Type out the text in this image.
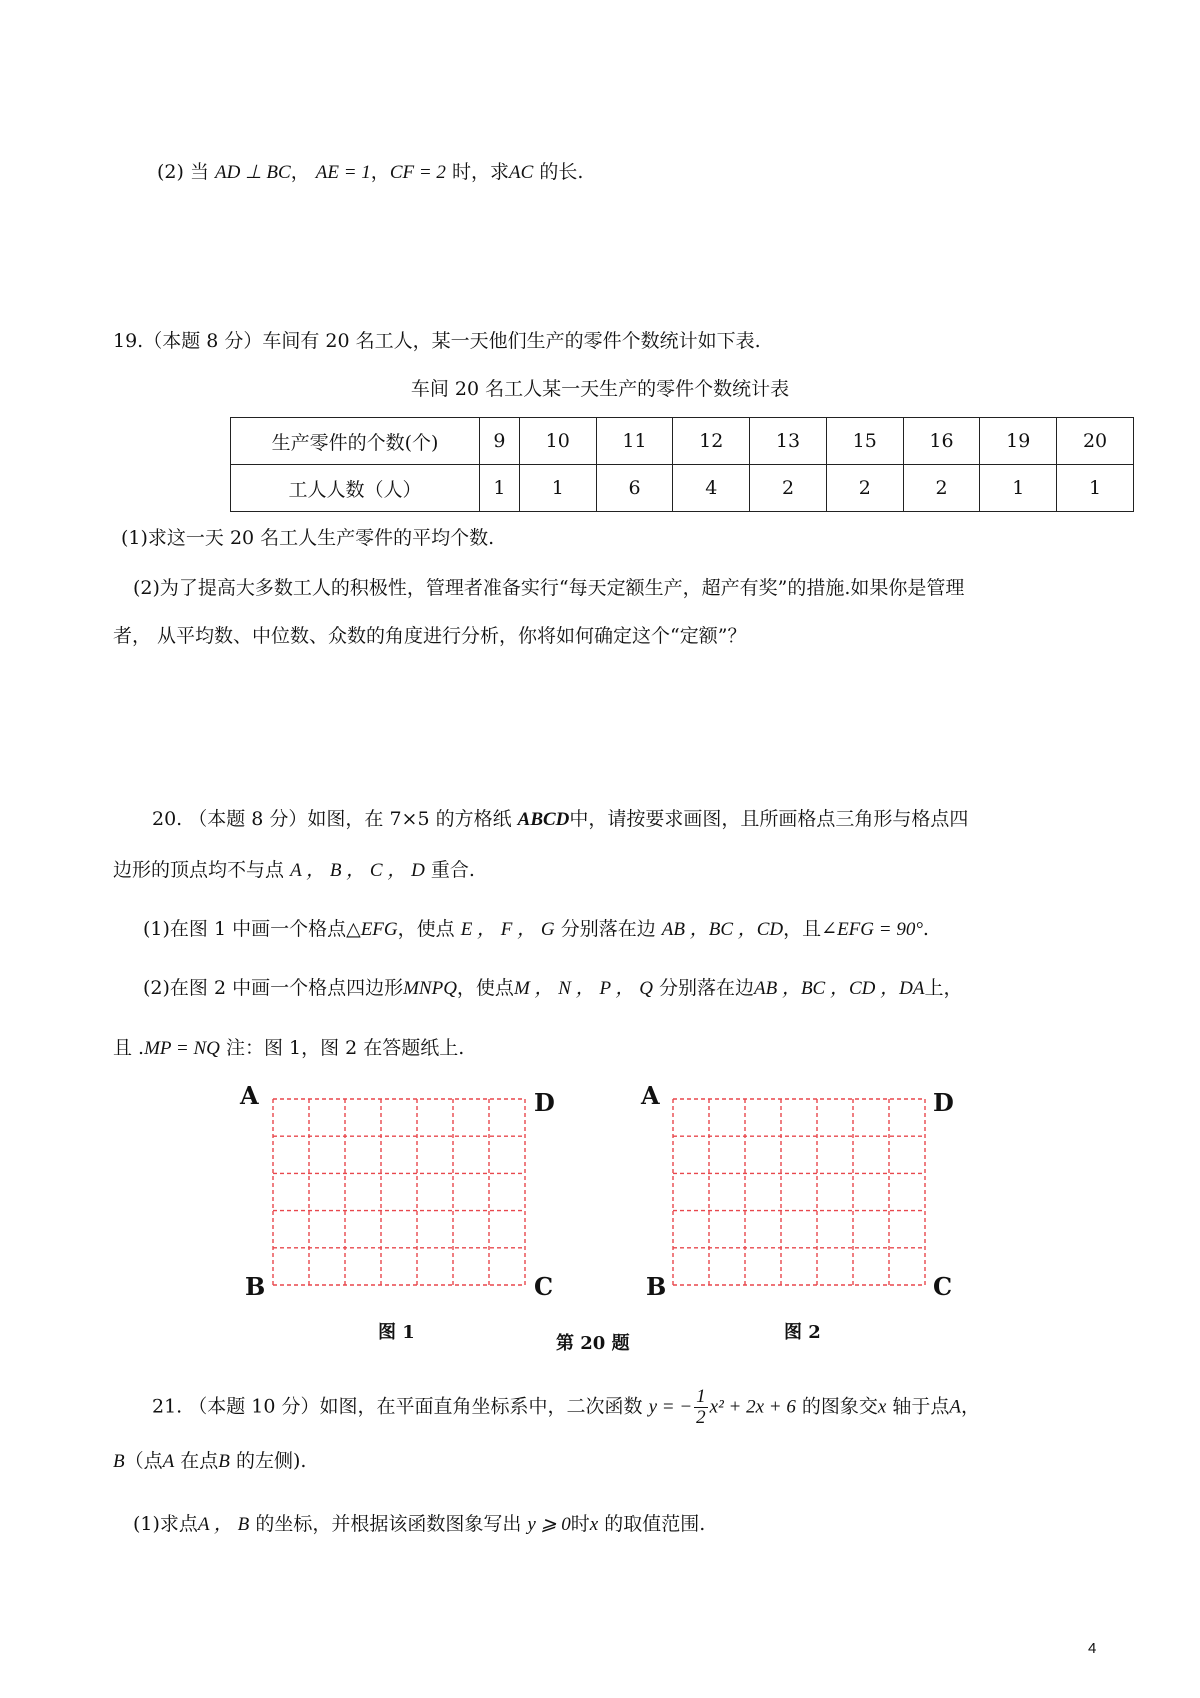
(2) 当 AD ⊥ BC， AE = 1，CF = 2 时，求AC 的长.
19.（本题 8 分）车间有 20 名工人，某一天他们生产的零件个数统计如下表.
车间 20 名工人某一天生产的零件个数统计表
生产零件的个数(个)	9	10	11	12	13	15	16	19	20
工人人数（人）	1	1	6	4	2	2	2	1	1
(1)求这一天 20 名工人生产零件的平均个数.
(2)为了提高大多数工人的积极性，管理者准备实行“每天定额生产，超产有奖”的措施.如果你是管理
者， 从平均数、中位数、众数的角度进行分析，你将如何确定这个“定额”？
20. （本题 8 分）如图，在 7×5 的方格纸 ABCD中，请按要求画图，且所画格点三角形与格点四
边形的顶点均不与点 A ， B ， C ， D 重合.
(1)在图 1 中画一个格点△EFG，使点 E ， F ， G 分别落在边 AB ，BC ，CD，且∠EFG = 90°.
(2)在图 2 中画一个格点四边形MNPQ，使点M ， N ， P ， Q 分别落在边AB ，BC ，CD ，DA上，
且 .MP = NQ 注：图 1，图 2 在答题纸上.
A	D
B	C
A	D
B	C
图 1
第 20 题
图 2
21. （本题 10 分）如图，在平面直角坐标系中，二次函数 y = − $\frac{1}{2} x^2 + 2x + 6$ 的图象交x 轴于点A，
B（点A 在点B 的左侧).
(1)求点A ， B 的坐标，并根据该函数图象写出 y ⩾ 0时x 的取值范围.
4
